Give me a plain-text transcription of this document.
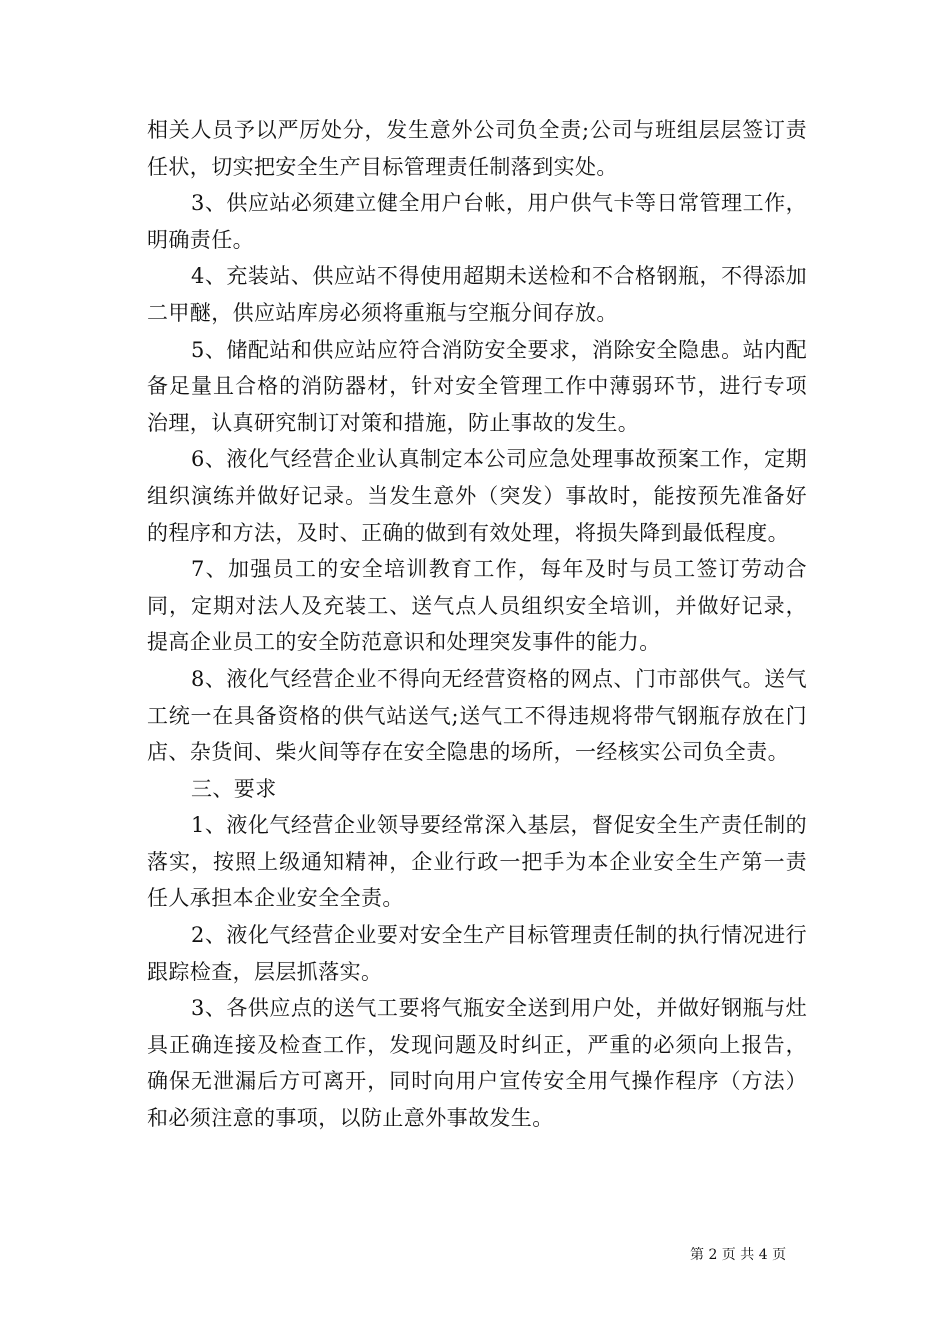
相关人员予以严厉处分，发生意外公司负全责;公司与班组层层签订责任状，切实把安全生产目标管理责任制落到实处。

3、供应站必须建立健全用户台帐，用户供气卡等日常管理工作，明确责任。

4、充装站、供应站不得使用超期未送检和不合格钢瓶，不得添加二甲醚，供应站库房必须将重瓶与空瓶分间存放。

5、储配站和供应站应符合消防安全要求，消除安全隐患。站内配备足量且合格的消防器材，针对安全管理工作中薄弱环节，进行专项治理，认真研究制订对策和措施，防止事故的发生。

6、液化气经营企业认真制定本公司应急处理事故预案工作，定期组织演练并做好记录。当发生意外（突发）事故时，能按预先准备好的程序和方法，及时、正确的做到有效处理，将损失降到最低程度。

7、加强员工的安全培训教育工作，每年及时与员工签订劳动合同，定期对法人及充装工、送气点人员组织安全培训，并做好记录，提高企业员工的安全防范意识和处理突发事件的能力。

8、液化气经营企业不得向无经营资格的网点、门市部供气。送气工统一在具备资格的供气站送气;送气工不得违规将带气钢瓶存放在门店、杂货间、柴火间等存在安全隐患的场所，一经核实公司负全责。

三、要求

1、液化气经营企业领导要经常深入基层，督促安全生产责任制的落实，按照上级通知精神，企业行政一把手为本企业安全生产第一责任人承担本企业安全全责。

2、液化气经营企业要对安全生产目标管理责任制的执行情况进行跟踪检查，层层抓落实。

3、各供应点的送气工要将气瓶安全送到用户处，并做好钢瓶与灶具正确连接及检查工作，发现问题及时纠正，严重的必须向上报告，确保无泄漏后方可离开，同时向用户宣传安全用气操作程序（方法）和必须注意的事项，以防止意外事故发生。

第 2 页 共 4 页
